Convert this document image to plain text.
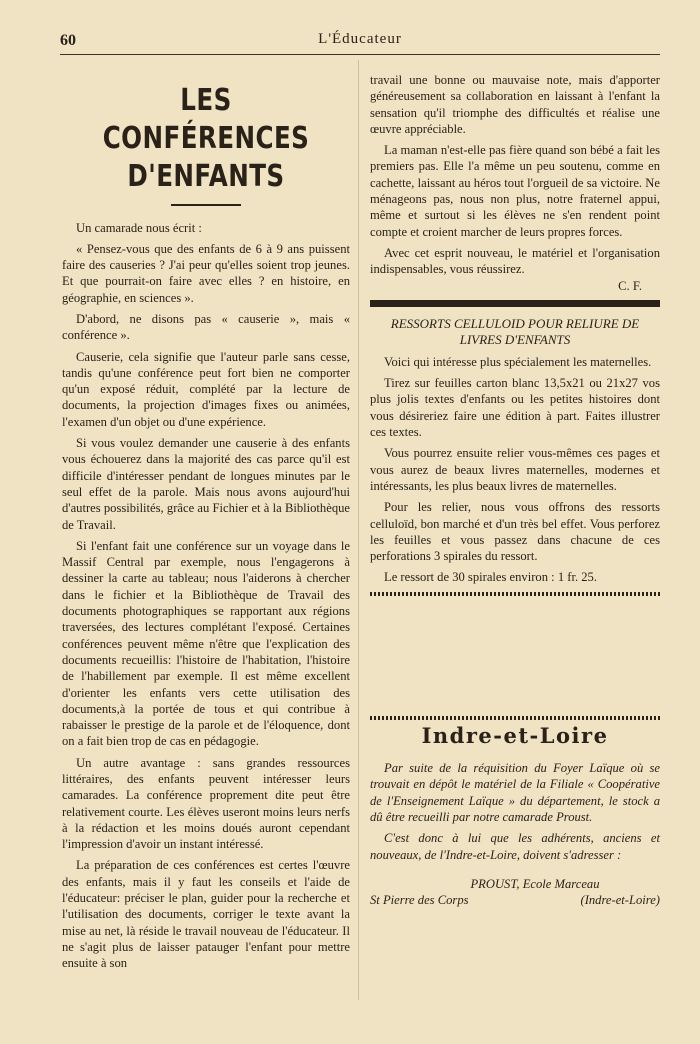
60	L'Éducateur
LES CONFÉRENCES
D'ENFANTS

Un camarade nous écrit :

« Pensez-vous que des enfants de 6 à 9 ans puissent faire des causeries ? J'ai peur qu'elles soient trop jeunes. Et que pourrait-on faire avec elles ? en histoire, en géographie, en sciences ».

D'abord, ne disons pas « causerie », mais « conférence ».

Causerie, cela signifie que l'auteur parle sans cesse, tandis qu'une conférence peut fort bien ne comporter qu'un exposé réduit, complété par la lecture de documents, la projection d'images fixes ou animées, l'examen d'un objet ou d'une expérience.

Si vous voulez demander une causerie à des enfants vous échouerez dans la majorité des cas parce qu'il est difficile d'intéresser pendant de longues minutes par le seul effet de la parole. Mais nous avons aujourd'hui d'autres possibilités, grâce au Fichier et à la Bibliothèque de Travail.

Si l'enfant fait une conférence sur un voyage dans le Massif Central par exemple, nous l'engagerons à dessiner la carte au tableau; nous l'aiderons à chercher dans le fichier et la Bibliothèque de Travail des documents photographiques se rapportant aux régions traversées, des lectures complétant l'exposé. Certaines conférences peuvent même n'être que l'explication des documents recueillis: l'histoire de l'habitation, l'histoire de l'habillement par exemple. Il est même excellent d'orienter les enfants vers cette utilisation des documents,à la portée de tous et qui contribue à rabaisser le prestige de la parole et de l'éloquence, dont on a fait bien trop de cas en pédagogie.

Un autre avantage : sans grandes ressources littéraires, des enfants peuvent intéresser leurs camarades. La conférence proprement dite peut être relativement courte. Les élèves useront moins leurs nerfs à la rédaction et les moins doués auront cependant l'impression d'avoir un instant intéressé.

La préparation de ces conférences est certes l'œuvre des enfants, mais il y faut les conseils et l'aide de l'éducateur: préciser le plan, guider pour la recherche et l'utilisation des documents, corriger le texte avant la mise au net, là réside le travail nouveau de l'éducateur. Il ne s'agit plus de laisser patauger l'enfant pour mettre ensuite à son

travail une bonne ou mauvaise note, mais d'apporter généreusement sa collaboration en laissant à l'enfant la sensation qu'il triomphe des difficultés et réalise une œuvre appréciable.

La maman n'est-elle pas fière quand son bébé a fait les premiers pas. Elle l'a même un peu soutenu, comme en cachette, laissant au héros tout l'orgueil de sa victoire. Ne ménageons pas, nous non plus, notre fraternel appui, même et surtout si les élèves ne s'en rendent point compte et croient marcher de leurs propres forces.

Avec cet esprit nouveau, le matériel et l'organisation indispensables, vous réussirez.

C. F.
RESSORTS CELLULOID POUR RELIURE DE LIVRES D'ENFANTS

Voici qui intéresse plus spécialement les maternelles.

Tirez sur feuilles carton blanc 13,5x21 ou 21x27 vos plus jolis textes d'enfants ou les petites histoires dont vous désireriez faire une édition à part. Faites illustrer ces textes.

Vous pourrez ensuite relier vous-mêmes ces pages et vous aurez de beaux livres maternelles, modernes et intéressants, les plus beaux livres de maternelles.

Pour les relier, nous vous offrons des ressorts celluloïd, bon marché et d'un très bel effet. Vous perforez les feuilles et vous passez dans chacune de ces perforations 3 spirales du ressort.

Le ressort de 30 spirales environ : 1 fr. 25.

Indre-et-Loire

Par suite de la réquisition du Foyer Laïque où se trouvait en dépôt le matériel de la Filiale « Coopérative de l'Enseignement Laïque » du département, le stock a dû être recueilli par notre camarade Proust.

C'est donc à lui que les adhérents, anciens et nouveaux, de l'Indre-et-Loire, doivent s'adresser :

PROUST, Ecole Marceau
St Pierre des Corps	(Indre-et-Loire)
